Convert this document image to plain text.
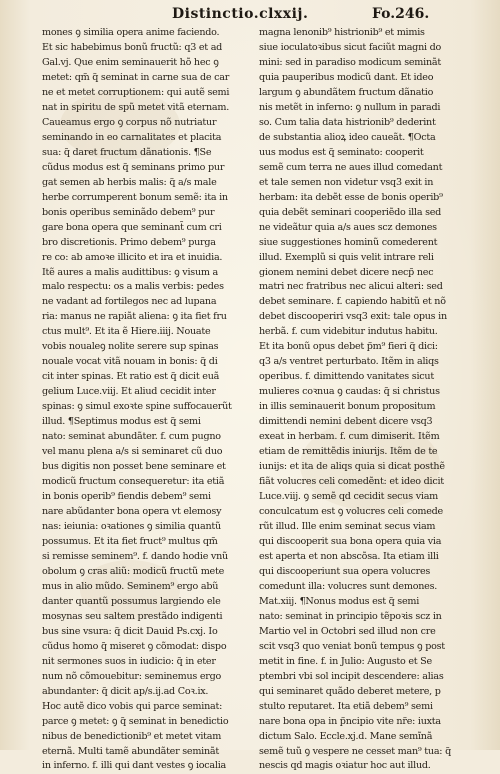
Distinctio.clxxij.	Fo.246.
mones ꝯ similia opera anime faciendo.
Et sic habebimus bonũ fructũ: q3 et ad
Gal.vj. Que enim seminauerit hõ hec ꝯ
metet: qm̃ q̃ seminat in carne sua de car
ne et metet corruptionem: qui autẽ semi
nat in spiritu de spũ metet vitã eternam.
Caueamus ergo ꝯ corpus nõ nutriatur
seminando in eo carnalitates et placita
sua: q̃ daret fructum dãnationis. ¶Se
cũdus modus est q̃ seminans primo pur
gat semen ab herbis malis: q̃ a/s male
herbe corrumperent bonum semẽ: ita in
bonis operibus seminãdo debem⁹ pur
gare bona opera que seminant̃ cum cri
bro discretionis. Primo debem⁹ purga
re co: ab amoꝛe illicito et ira et inuidia.
Itẽ aures a malis audittibus: ꝯ visum a
malo respectu: os a malis verbis: pedes
ne vadant ad fortilegos nec ad lupana
ria: manus ne rapiãt aliena: ꝯ ita fiet fru
ctus mult⁹. Et ita ẽ Hiere.iiij. Nouate
vobis noualeꝯ nolite serere sup spinas
nouale vocat vitã nouam in bonis: q̃ di
cit inter spinas. Et ratio est q̃ dicit euã
gelium Luce.viij. Et aliud cecidit inter
spinas: ꝯ simul exoꝛte spine suffocauerũt
illud. ¶Septimus modus est q̃ semi
nato: seminat abundãter. f. cum pugno
vel manu plena a/s si seminaret cũ duo
bus digitis non posset bene seminare et
modicũ fructum consequeretur: ita etiã
in bonis operib⁹ fiendis debem⁹ semi
nare abũdanter bona opera vt elemosy
nas: ieiunia: oꝛationes ꝯ similia quantũ
possumus. Et ita fiet fruct⁹ multus qm̃
si remisse seminem⁹. f. dando hodie vnũ
obolum ꝯ cras aliũ: modicũ fructũ mete
mus in alio mũdo. Seminem⁹ ergo abũ
danter quantũ possumus largiendo ele
mosynas seu saltem prestãdo indigenti
bus sine vsura: q̃ dicit Dauid Ps.cxj. Io
cũdus homo q̃ miseret ꝯ cõmodat: dispo
nit sermones suos in iudicio: q̃ in eter
num nõ cõmouebitur: seminemus ergo
abundanter: q̃ dicit ap/s.ij.ad Coꝛ.ix.
Hoc autẽ dico vobis qui parce seminat:
parce ꝯ metet: ꝯ q̃ seminat in benedictio
nibus de benedictionib⁹ et metet vitam
eternã. Multi tamẽ abundãter seminãt
in inferno. f. illi qui dant vestes ꝯ iocalia
magna lenonib⁹ histrionib⁹ et mimis
siue ioculatoꝛibus sicut faciũt magni do
mini: sed in paradiso modicum seminãt
quia pauperibus modicũ dant. Et ideo
largum ꝯ abundãtem fructum dãnatio
nis metẽt in inferno: ꝯ nullum in paradi
so. Cum talia data histrionib⁹ dederint
de substantia alioꝝ ideo caueãt. ¶Octa
uus modus est q̃ seminato: cooperit
semẽ cum terra ne aues illud comedant
et tale semen non videtur vsq3 exit in
herbam: ita debẽt esse de bonis operib⁹
quia debẽt seminari cooperiẽdo illa sed
ne videãtur quia a/s aues scz demones
siue suggestiones hominũ comederent
illud. Exemplũ si quis velit intrare reli
gionem nemini debet dicere necp̃ nec
matri nec fratribus nec alicui alteri: sed
debet seminare. f. capiendo habitũ et nõ
debet discooperiri vsq3 exit: tale opus in
herbã. f. cum videbitur indutus habitu.
Et ita bonũ opus debet p̃m⁹ fieri q̃ dici:
q3 a/s ventret perturbato. Itẽm in aliqs
operibus. f. dimittendo vanitates sicut
mulieres coꝛnua ꝯ caudas: q̃ si christus
in illis seminauerit bonum propositum
dimittendi nemini debent dicere vsq3
exeat in herbam. f. cum dimiserit. Itẽm
etiam de remittẽdis iniurijs. Itẽm de te
iunijs: et ita de aliqs quia si dicat posthẽ
fiãt volucres celi comedẽnt: et ideo dicit
Luce.viij. ꝯ semẽ qd cecidit secus viam
conculcatum est ꝯ volucres celi comede
rũt illud. Ille enim seminat secus viam
qui discooperit sua bona opera quia via
est aperta et non abscõsa. Ita etiam illi
qui discooperiunt sua opera volucres
comedunt illa: volucres sunt demones.
Mat.xiij. ¶Nonus modus est q̃ semi
nato: seminat in principio tẽpoꝛis scz in
Martio vel in Octobri sed illud non cre
scit vsq3 quo veniat bonũ tempus ꝯ post
metit in fine. f. in Julio: Augusto et Se
ptembri vbi sol incipit descendere: alias
qui seminaret quãdo deberet metere, p
stulto reputaret. Ita etiã debem⁹ semi
nare bona opa in p̃ncipio vite nr̃e: iuxta
dictum Salo. Eccle.xj.d. Mane semĩnã
semẽ tuũ ꝯ vespere ne cesset man⁹ tua: q̃
nescis qd magis oꝛiatur hoc aut illud.
